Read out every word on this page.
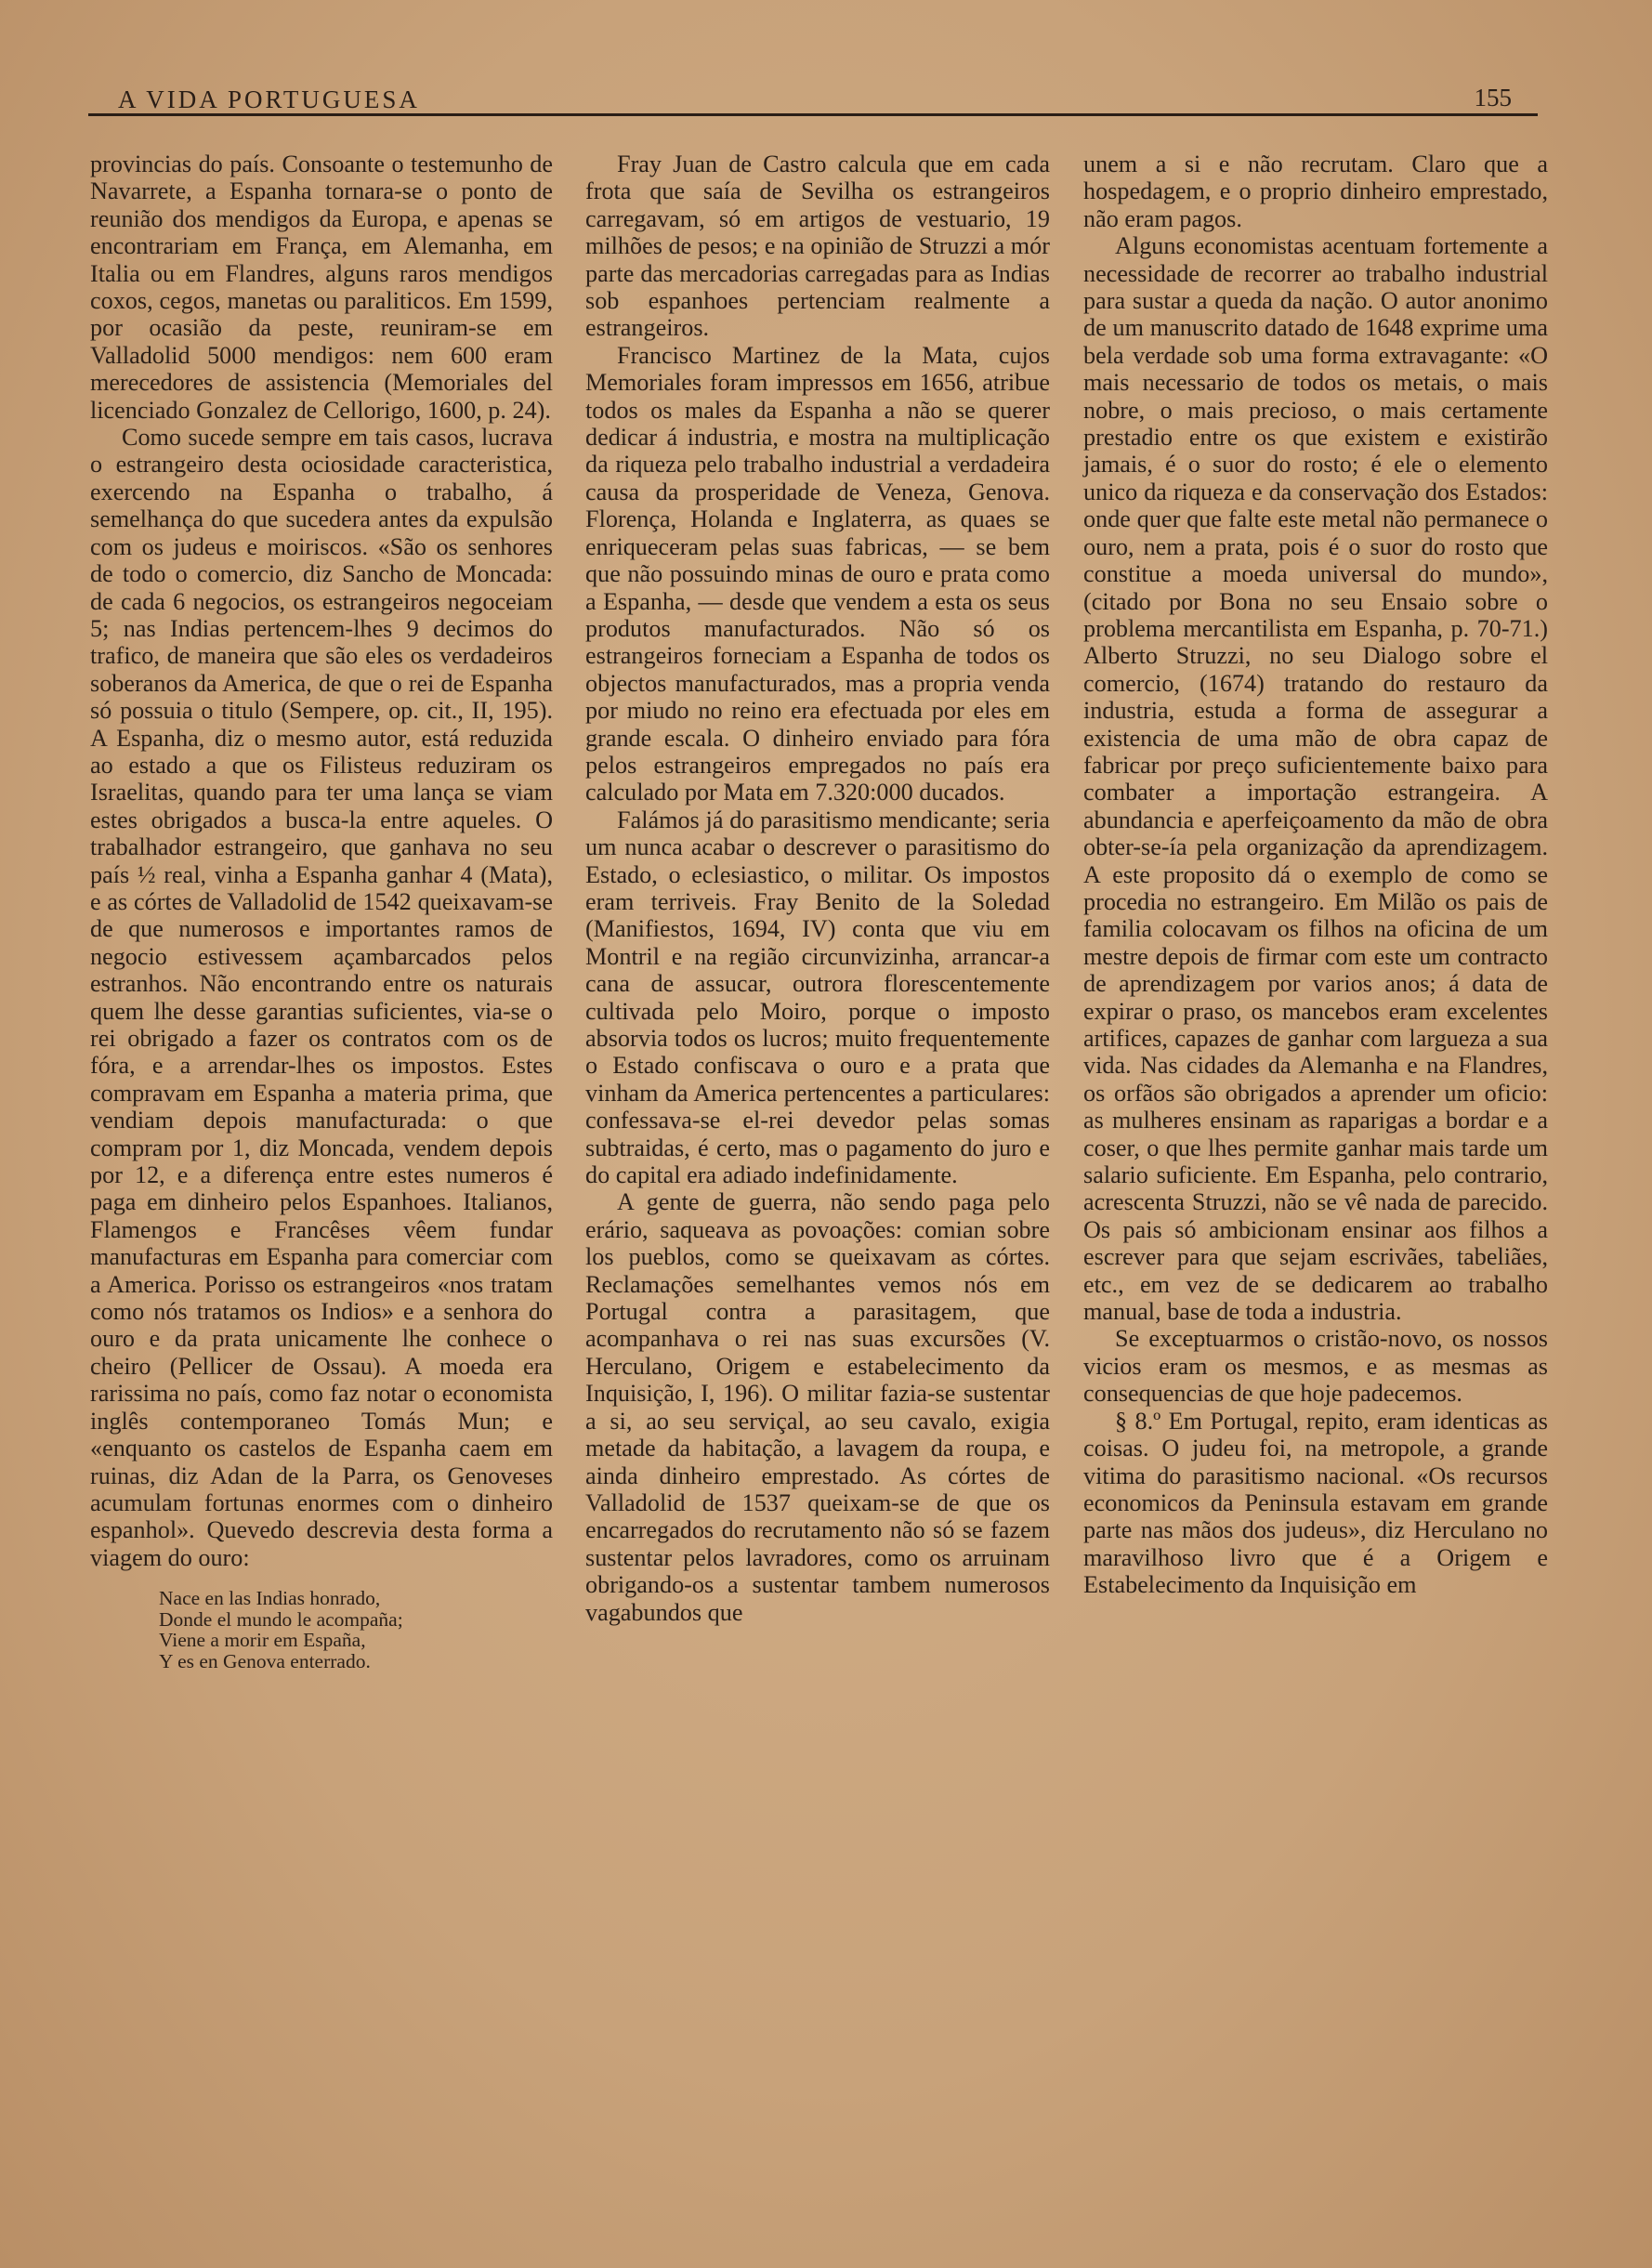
A VIDA PORTUGUESA	155

provincias do país. Consoante o testemunho de Navarrete, a Espanha tornara-se o ponto de reunião dos mendigos da Europa, e apenas se encontrariam em França, em Alemanha, em Italia ou em Flandres, alguns raros mendigos coxos, cegos, manetas ou paraliticos. Em 1599, por ocasião da peste, reuniram-se em Valladolid 5000 mendigos: nem 600 eram merecedores de assistencia (Memoriales del licenciado Gonzalez de Cellorigo, 1600, p. 24).

Como sucede sempre em tais casos, lucrava o estrangeiro desta ociosidade caracteristica, exercendo na Espanha o trabalho, á semelhança do que sucedera antes da expulsão com os judeus e moiriscos. «São os senhores de todo o comercio, diz Sancho de Moncada: de cada 6 negocios, os estrangeiros negoceiam 5; nas Indias pertencem-lhes 9 decimos do trafico, de maneira que são eles os verdadeiros soberanos da America, de que o rei de Espanha só possuia o titulo (Sempere, op. cit., II, 195). A Espanha, diz o mesmo autor, está reduzida ao estado a que os Filisteus reduziram os Israelitas, quando para ter uma lança se viam estes obrigados a busca-la entre aqueles. O trabalhador estrangeiro, que ganhava no seu país ½ real, vinha a Espanha ganhar 4 (Mata), e as córtes de Valladolid de 1542 queixavam-se de que numerosos e importantes ramos de negocio estivessem açambarcados pelos estranhos. Não encontrando entre os naturais quem lhe desse garantias suficientes, via-se o rei obrigado a fazer os contratos com os de fóra, e a arrendar-lhes os impostos. Estes compravam em Espanha a materia prima, que vendiam depois manufacturada: o que compram por 1, diz Moncada, vendem depois por 12, e a diferença entre estes numeros é paga em dinheiro pelos Espanhoes. Italianos, Flamengos e Francêses vêem fundar manufacturas em Espanha para comerciar com a America. Porisso os estrangeiros «nos tratam como nós tratamos os Indios» e a senhora do ouro e da prata unicamente lhe conhece o cheiro (Pellicer de Ossau). A moeda era rarissima no país, como faz notar o economista inglês contemporaneo Tomás Mun; e «enquanto os castelos de Espanha caem em ruinas, diz Adan de la Parra, os Genoveses acumulam fortunas enormes com o dinheiro espanhol». Quevedo descrevia desta forma a viagem do ouro:

Nace en las Indias honrado,
Donde el mundo le acompaña;
Viene a morir em España,
Y es en Genova enterrado.

Fray Juan de Castro calcula que em cada frota que saía de Sevilha os estrangeiros carregavam, só em artigos de vestuario, 19 milhões de pesos; e na opinião de Struzzi a mór parte das mercadorias carregadas para as Indias sob espanhoes pertenciam realmente a estrangeiros.

Francisco Martinez de la Mata, cujos Memoriales foram impressos em 1656, atribue todos os males da Espanha a não se querer dedicar á industria, e mostra na multiplicação da riqueza pelo trabalho industrial a verdadeira causa da prosperidade de Veneza, Genova. Florença, Holanda e Inglaterra, as quaes se enriqueceram pelas suas fabricas, — se bem que não possuindo minas de ouro e prata como a Espanha, — desde que vendem a esta os seus produtos manufacturados. Não só os estrangeiros forneciam a Espanha de todos os objectos manufacturados, mas a propria venda por miudo no reino era efectuada por eles em grande escala. O dinheiro enviado para fóra pelos estrangeiros empregados no país era calculado por Mata em 7.320:000 ducados.

Falámos já do parasitismo mendicante; seria um nunca acabar o descrever o parasitismo do Estado, o eclesiastico, o militar. Os impostos eram terriveis. Fray Benito de la Soledad (Manifiestos, 1694, IV) conta que viu em Montril e na região circunvizinha, arrancar-a cana de assucar, outrora florescentemente cultivada pelo Moiro, porque o imposto absorvia todos os lucros; muito frequentemente o Estado confiscava o ouro e a prata que vinham da America pertencentes a particulares: confessava-se el-rei devedor pelas somas subtraidas, é certo, mas o pagamento do juro e do capital era adiado indefinidamente.

A gente de guerra, não sendo paga pelo erário, saqueava as povoações: comian sobre los pueblos, como se queixavam as córtes. Reclamações semelhantes vemos nós em Portugal contra a parasitagem, que acompanhava o rei nas suas excursões (V. Herculano, Origem e estabelecimento da Inquisição, I, 196). O militar fazia-se sustentar a si, ao seu serviçal, ao seu cavalo, exigia metade da habitação, a lavagem da roupa, e ainda dinheiro emprestado. As córtes de Valladolid de 1537 queixam-se de que os encarregados do recrutamento não só se fazem sustentar pelos lavradores, como os arruinam obrigando-os a sustentar tambem numerosos vagabundos que

unem a si e não recrutam. Claro que a hospedagem, e o proprio dinheiro emprestado, não eram pagos.

Alguns economistas acentuam fortemente a necessidade de recorrer ao trabalho industrial para sustar a queda da nação. O autor anonimo de um manuscrito datado de 1648 exprime uma bela verdade sob uma forma extravagante: «O mais necessario de todos os metais, o mais nobre, o mais precioso, o mais certamente prestadio entre os que existem e existirão jamais, é o suor do rosto; é ele o elemento unico da riqueza e da conservação dos Estados: onde quer que falte este metal não permanece o ouro, nem a prata, pois é o suor do rosto que constitue a moeda universal do mundo», (citado por Bona no seu Ensaio sobre o problema mercantilista em Espanha, p. 70-71.) Alberto Struzzi, no seu Dialogo sobre el comercio, (1674) tratando do restauro da industria, estuda a forma de assegurar a existencia de uma mão de obra capaz de fabricar por preço suficientemente baixo para combater a importação estrangeira. A abundancia e aperfeiçoamento da mão de obra obter-se-ía pela organização da aprendizagem. A este proposito dá o exemplo de como se procedia no estrangeiro. Em Milão os pais de familia colocavam os filhos na oficina de um mestre depois de firmar com este um contracto de aprendizagem por varios anos; á data de expirar o praso, os mancebos eram excelentes artifices, capazes de ganhar com largueza a sua vida. Nas cidades da Alemanha e na Flandres, os orfãos são obrigados a aprender um oficio: as mulheres ensinam as raparigas a bordar e a coser, o que lhes permite ganhar mais tarde um salario suficiente. Em Espanha, pelo contrario, acrescenta Struzzi, não se vê nada de parecido. Os pais só ambicionam ensinar aos filhos a escrever para que sejam escrivães, tabeliães, etc., em vez de se dedicarem ao trabalho manual, base de toda a industria.

Se exceptuarmos o cristão-novo, os nossos vicios eram os mesmos, e as mesmas as consequencias de que hoje padecemos.

§ 8.º Em Portugal, repito, eram identicas as coisas. O judeu foi, na metropole, a grande vitima do parasitismo nacional. «Os recursos economicos da Peninsula estavam em grande parte nas mãos dos judeus», diz Herculano no maravilhoso livro que é a Origem e Estabelecimento da Inquisição em
